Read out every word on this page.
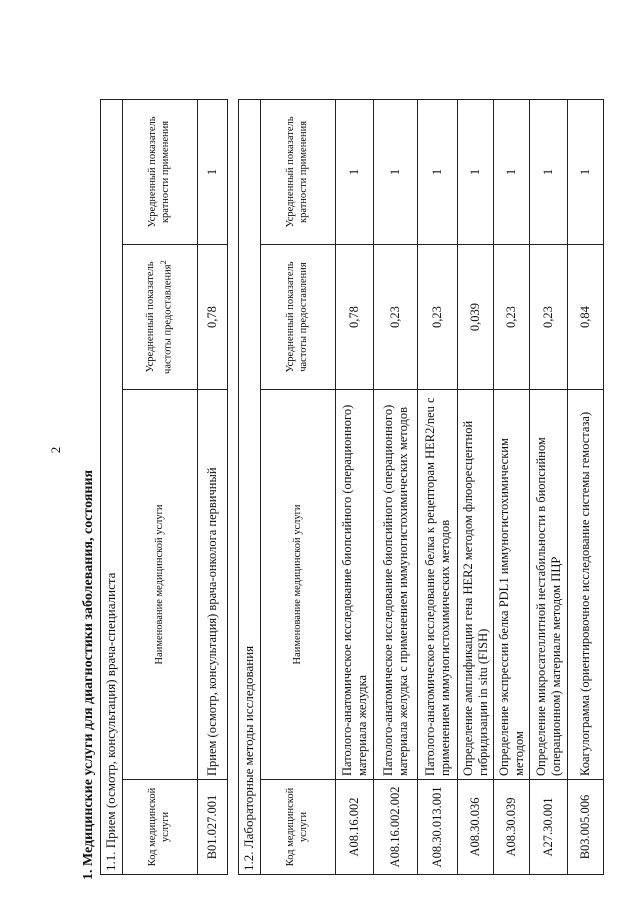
2
1. Медицинские услуги для диагностики заболевания, состояния 1.1. Прием (осмотр, консультация) врача-специалиста			
Код медицинской услуги	Наименование медицинской услуги	Усредненный показатель частоты предоставления$^2$	Усредненный показатель кратности применения
B01.027.001	Прием (осмотр, консультация) врача-онколога первичный	0,78	1
1.2. Лабораторные методы исследования			
Код медицинской услуги	Наименование медицинской услуги	Усредненный показатель частоты предоставления	Усредненный показатель кратности применения
A08.16.002	Патолого-анатомическое исследование биопсийного (операционного) материала желудка	0,78	1
A08.16.002.002	Патолого-анатомическое исследование биопсийного (операционного) материала желудка с применением иммуногистохимических методов	0,23	1
A08.30.013.001	Патолого-анатомическое исследование белка к рецепторам HER2/neu с применением иммуногистохимических методов	0,23	1
A08.30.036	Определение амплификации гена HER2 методом флюоресцентной гибридизации in situ (FISH)	0,039	1
A08.30.039	Определение экспрессии белка PDL1 иммуногистохимическим методом	0,23	1
A27.30.001	Определение микросателлитной нестабильности в биопсийном (операционном) материале методом ПЦР	0,23	1
B03.005.006	Коагулограмма (ориентировочное исследование системы гемостаза)	0,84	1
